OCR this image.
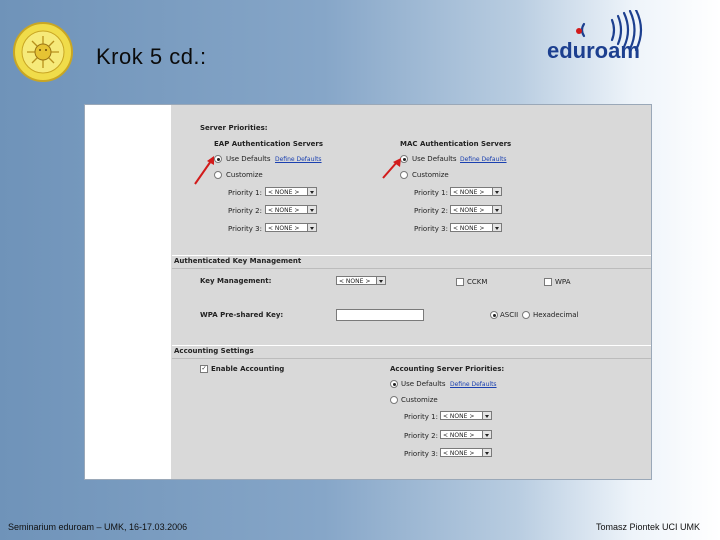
Krok 5 cd.:	eduroam
Server Priorities:
EAP Authentication Servers
Use Defaults Define Defaults
Customize
Priority 1:	< NONE >
Priority 2:	< NONE >
Priority 3:	< NONE >
MAC Authentication Servers
Use Defaults Define Defaults
Customize
Priority 1: < NONE >
Priority 2: < NONE >
Priority 3: < NONE >
Authenticated Key Management
Key Management:	< NONE >	CCKM	WPA
WPA Pre-shared Key:	ASCII Hexadecimal
Accounting Settings
✓ Enable Accounting	Accounting Server Priorities:
Use Defaults Define Defaults
Customize
Priority 1: < NONE >
Priority 2: < NONE >
Priority 3: < NONE >
Seminarium eduroam – UMK, 16-17.03.2006	Tomasz Piontek UCI UMK
